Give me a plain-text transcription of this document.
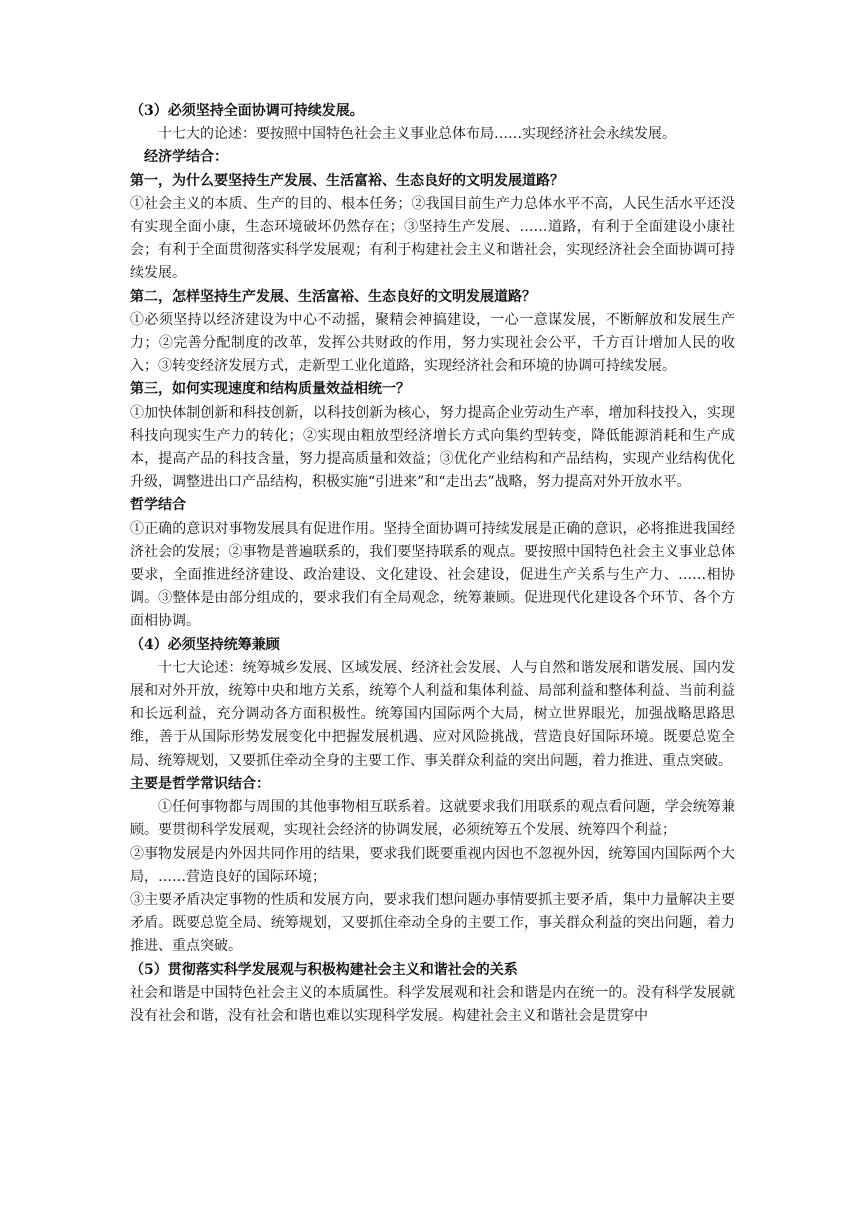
（3）必须坚持全面协调可持续发展。

十七大的论述：要按照中国特色社会主义事业总体布局……实现经济社会永续发展。

经济学结合：

第一，为什么要坚持生产发展、生活富裕、生态良好的文明发展道路？

①社会主义的本质、生产的目的、根本任务；②我国目前生产力总体水平不高，人民生活水平还没有实现全面小康，生态环境破坏仍然存在；③坚持生产发展、……道路，有利于全面建设小康社会；有利于全面贯彻落实科学发展观；有利于构建社会主义和谐社会，实现经济社会全面协调可持续发展。

第二，怎样坚持生产发展、生活富裕、生态良好的文明发展道路？

①必须坚持以经济建设为中心不动摇，聚精会神搞建设，一心一意谋发展，不断解放和发展生产力；②完善分配制度的改革，发挥公共财政的作用，努力实现社会公平，千方百计增加人民的收入；③转变经济发展方式，走新型工业化道路，实现经济社会和环境的协调可持续发展。

第三，如何实现速度和结构质量效益相统一？

①加快体制创新和科技创新，以科技创新为核心，努力提高企业劳动生产率，增加科技投入，实现科技向现实生产力的转化；②实现由粗放型经济增长方式向集约型转变，降低能源消耗和生产成本，提高产品的科技含量，努力提高质量和效益；③优化产业结构和产品结构，实现产业结构优化升级，调整进出口产品结构，积极实施“引进来”和“走出去”战略，努力提高对外开放水平。

哲学结合

①正确的意识对事物发展具有促进作用。坚持全面协调可持续发展是正确的意识，必将推进我国经济社会的发展；②事物是普遍联系的，我们要坚持联系的观点。要按照中国特色社会主义事业总体要求，全面推进经济建设、政治建设、文化建设、社会建设，促进生产关系与生产力、……相协调。③整体是由部分组成的，要求我们有全局观念，统筹兼顾。促进现代化建设各个环节、各个方面相协调。

（4）必须坚持统筹兼顾

十七大论述：统筹城乡发展、区域发展、经济社会发展、人与自然和谐发展和谐发展、国内发展和对外开放，统筹中央和地方关系，统筹个人利益和集体利益、局部利益和整体利益、当前利益和长远利益，充分调动各方面积极性。统筹国内国际两个大局，树立世界眼光，加强战略思路思维，善于从国际形势发展变化中把握发展机遇、应对风险挑战，营造良好国际环境。既要总览全局、统筹规划，又要抓住牵动全身的主要工作、事关群众利益的突出问题，着力推进、重点突破。

主要是哲学常识结合：

①任何事物都与周围的其他事物相互联系着。这就要求我们用联系的观点看问题，学会统筹兼顾。要贯彻科学发展观，实现社会经济的协调发展，必须统筹五个发展、统筹四个利益；

②事物发展是内外因共同作用的结果，要求我们既要重视内因也不忽视外因，统筹国内国际两个大局，……营造良好的国际环境；

③主要矛盾决定事物的性质和发展方向，要求我们想问题办事情要抓主要矛盾，集中力量解决主要矛盾。既要总览全局、统筹规划，又要抓住牵动全身的主要工作，事关群众利益的突出问题，着力推进、重点突破。

（5）贯彻落实科学发展观与积极构建社会主义和谐社会的关系

社会和谐是中国特色社会主义的本质属性。科学发展观和社会和谐是内在统一的。没有科学发展就没有社会和谐，没有社会和谐也难以实现科学发展。构建社会主义和谐社会是贯穿中
